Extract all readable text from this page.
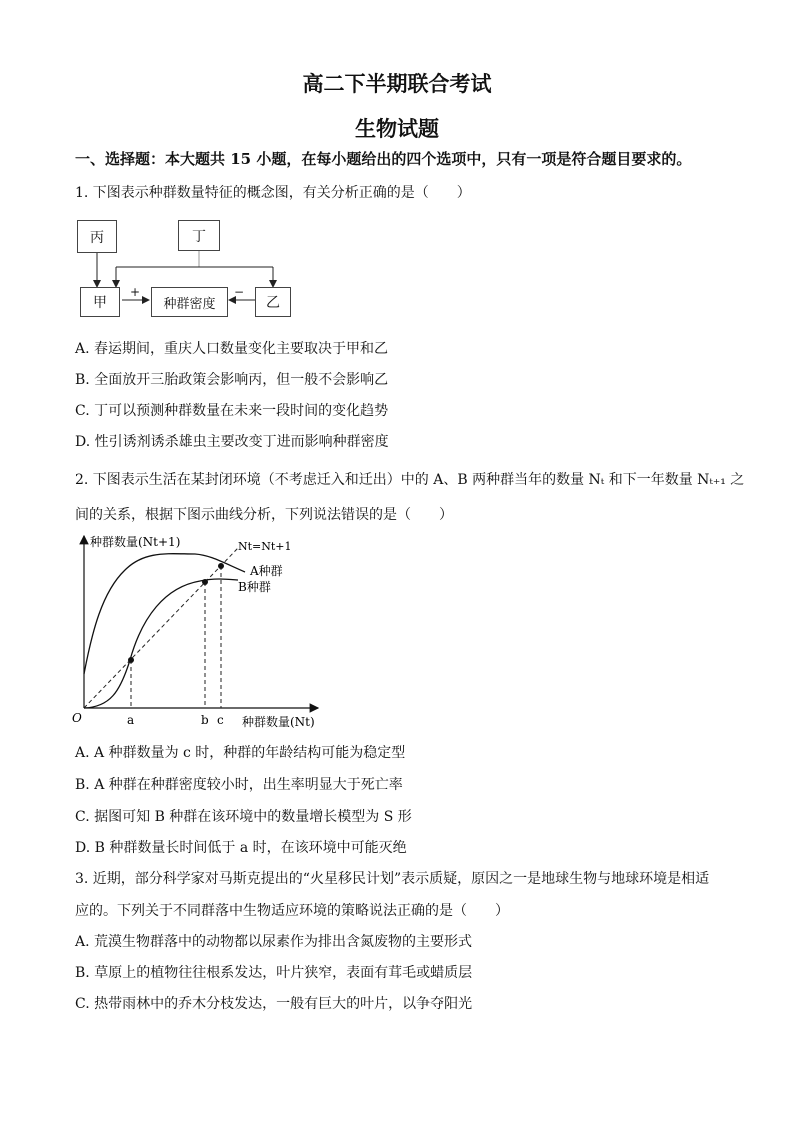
高二下半期联合考试
生物试题
一、选择题：本大题共 15 小题，在每小题给出的四个选项中，只有一项是符合题目要求的。
1. 下图表示种群数量特征的概念图，有关分析正确的是（　　）
丙	丁
甲	种群密度	乙
+	−
A. 春运期间，重庆人口数量变化主要取决于甲和乙
B. 全面放开三胎政策会影响丙，但一般不会影响乙
C. 丁可以预测种群数量在未来一段时间的变化趋势
D. 性引诱剂诱杀雄虫主要改变丁进而影响种群密度
2. 下图表示生活在某封闭环境（不考虑迁入和迁出）中的 A、B 两种群当年的数量 Nₜ 和下一年数量 Nₜ₊₁ 之
间的关系，根据下图示曲线分析，下列说法错误的是（　　）
种群数量(Nt+1)
种群数量(Nt)
O	a	b c
Nt=Nt+1
A种群
B种群
A. A 种群数量为 c 时，种群的年龄结构可能为稳定型
B. A 种群在种群密度较小时，出生率明显大于死亡率
C. 据图可知 B 种群在该环境中的数量增长模型为 S 形
D. B 种群数量长时间低于 a 时，在该环境中可能灭绝
3. 近期，部分科学家对马斯克提出的“火星移民计划”表示质疑，原因之一是地球生物与地球环境是相适
应的。下列关于不同群落中生物适应环境的策略说法正确的是（　　）
A. 荒漠生物群落中的动物都以尿素作为排出含氮废物的主要形式
B. 草原上的植物往往根系发达，叶片狭窄，表面有茸毛或蜡质层
C. 热带雨林中的乔木分枝发达，一般有巨大的叶片，以争夺阳光
